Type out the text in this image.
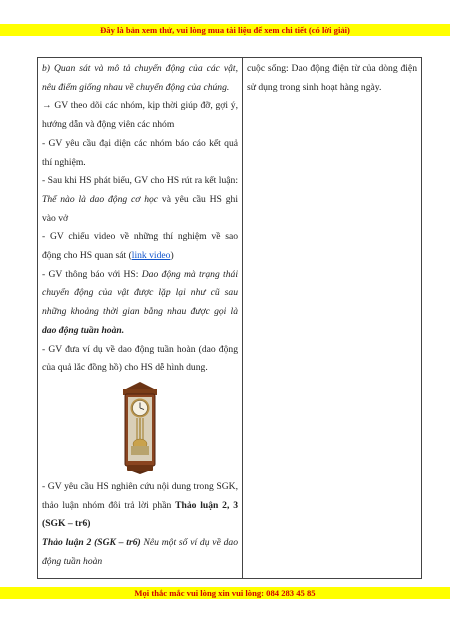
Đây là bản xem thử, vui lòng mua tài liệu để xem chi tiết (có lời giải)

b) Quan sát và mô tả chuyển động của các vật, nêu điểm giống nhau về chuyển động của chúng.

→ GV theo dõi các nhóm, kịp thời giúp đỡ, gợi ý, hướng dẫn và động viên các nhóm

- GV yêu cầu đại diện các nhóm báo cáo kết quả thí nghiệm.

- Sau khi HS phát biểu, GV cho HS rút ra kết luận: Thế nào là dao động cơ học và yêu cầu HS ghi vào vở

- GV chiếu video về những thí nghiệm về sao động cho HS quan sát (link video)

- GV thông báo với HS: Dao động mà trạng thái chuyển động của vật được lặp lại như cũ sau những khoảng thời gian bằng nhau được gọi là dao động tuần hoàn.

- GV đưa ví dụ về dao động tuần hoàn (dao động của quả lắc đồng hồ) cho HS dễ hình dung.

- GV yêu cầu HS nghiên cứu nội dung trong SGK, thảo luận nhóm đôi trả lời phần Thảo luận 2, 3 (SGK – tr6)

Thảo luận 2 (SGK – tr6) Nêu một số ví dụ về dao động tuần hoàn

cuộc sống: Dao động điện từ của dòng điện sử dụng trong sinh hoạt hàng ngày.

Mọi thắc mắc vui lòng xin vui lòng: 084 283 45 85
